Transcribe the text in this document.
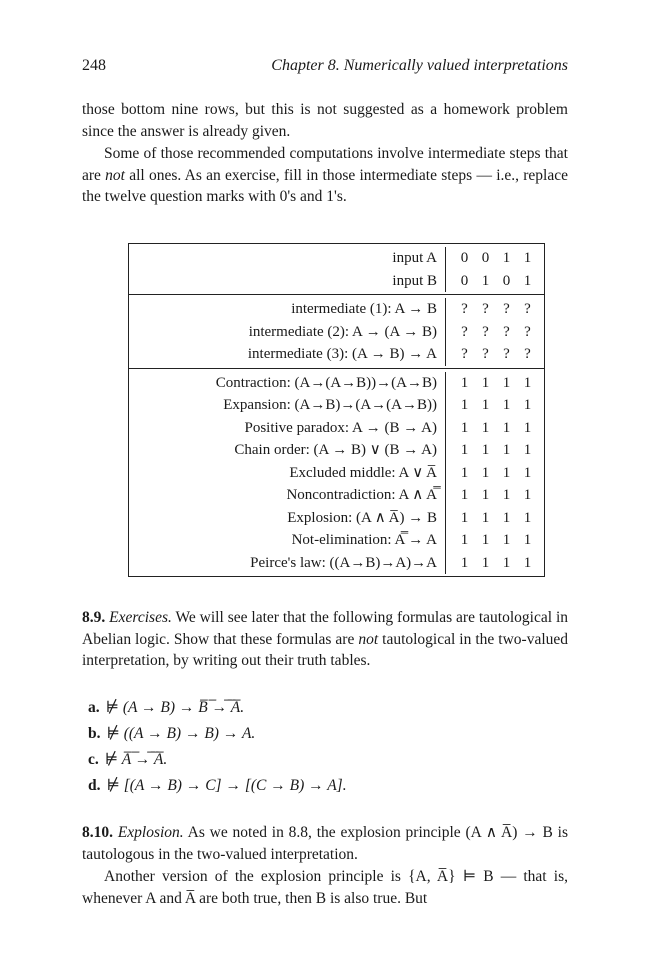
248	Chapter 8. Numerically valued interpretations

those bottom nine rows, but this is not suggested as a homework problem since the answer is already given.

Some of those recommended computations involve intermediate steps that are not all ones. As an exercise, fill in those intermediate steps — i.e., replace the twelve question marks with 0's and 1's.

input A	0 0 1 1
input B	0 1 0 1
intermediate (1): A → B	? ? ? ?
intermediate (2): A → (A → B)	? ? ? ?
intermediate (3): (A → B) → A	? ? ? ?
Contraction: (A→(A→B))→(A→B)	1 1 1 1
Expansion: (A→B)→(A→(A→B))	1 1 1 1
Positive paradox: A → (B → A)	1 1 1 1
Chain order: (A → B) ∨ (B → A)	1 1 1 1
Excluded middle: A ∨ A̅	1 1 1 1
Noncontradiction: A ∧ A̿	1 1 1 1
Explosion: (A ∧ A̅) → B	1 1 1 1
Not-elimination: A̿ → A	1 1 1 1
Peirce's law: ((A→B)→A)→A	1 1 1 1

8.9. Exercises. We will see later that the following formulas are tautological in Abelian logic. Show that these formulas are not tautological in the two-valued interpretation, by writing out their truth tables.

a. ⊭ (A → B) → B̅ ̅→̅ ̅A̅.
b. ⊭ ((A → B) → B) → A.
c. ⊭ A̅ ̅→̅ ̅A̅.
d. ⊭ [(A → B) → C] → [(C → B) → A].

8.10. Explosion. As we noted in 8.8, the explosion principle (A ∧ A̅) → B is tautologous in the two-valued interpretation.

Another version of the explosion principle is {A, A̅} ⊨ B — that is, whenever A and A̅ are both true, then B is also true. But
